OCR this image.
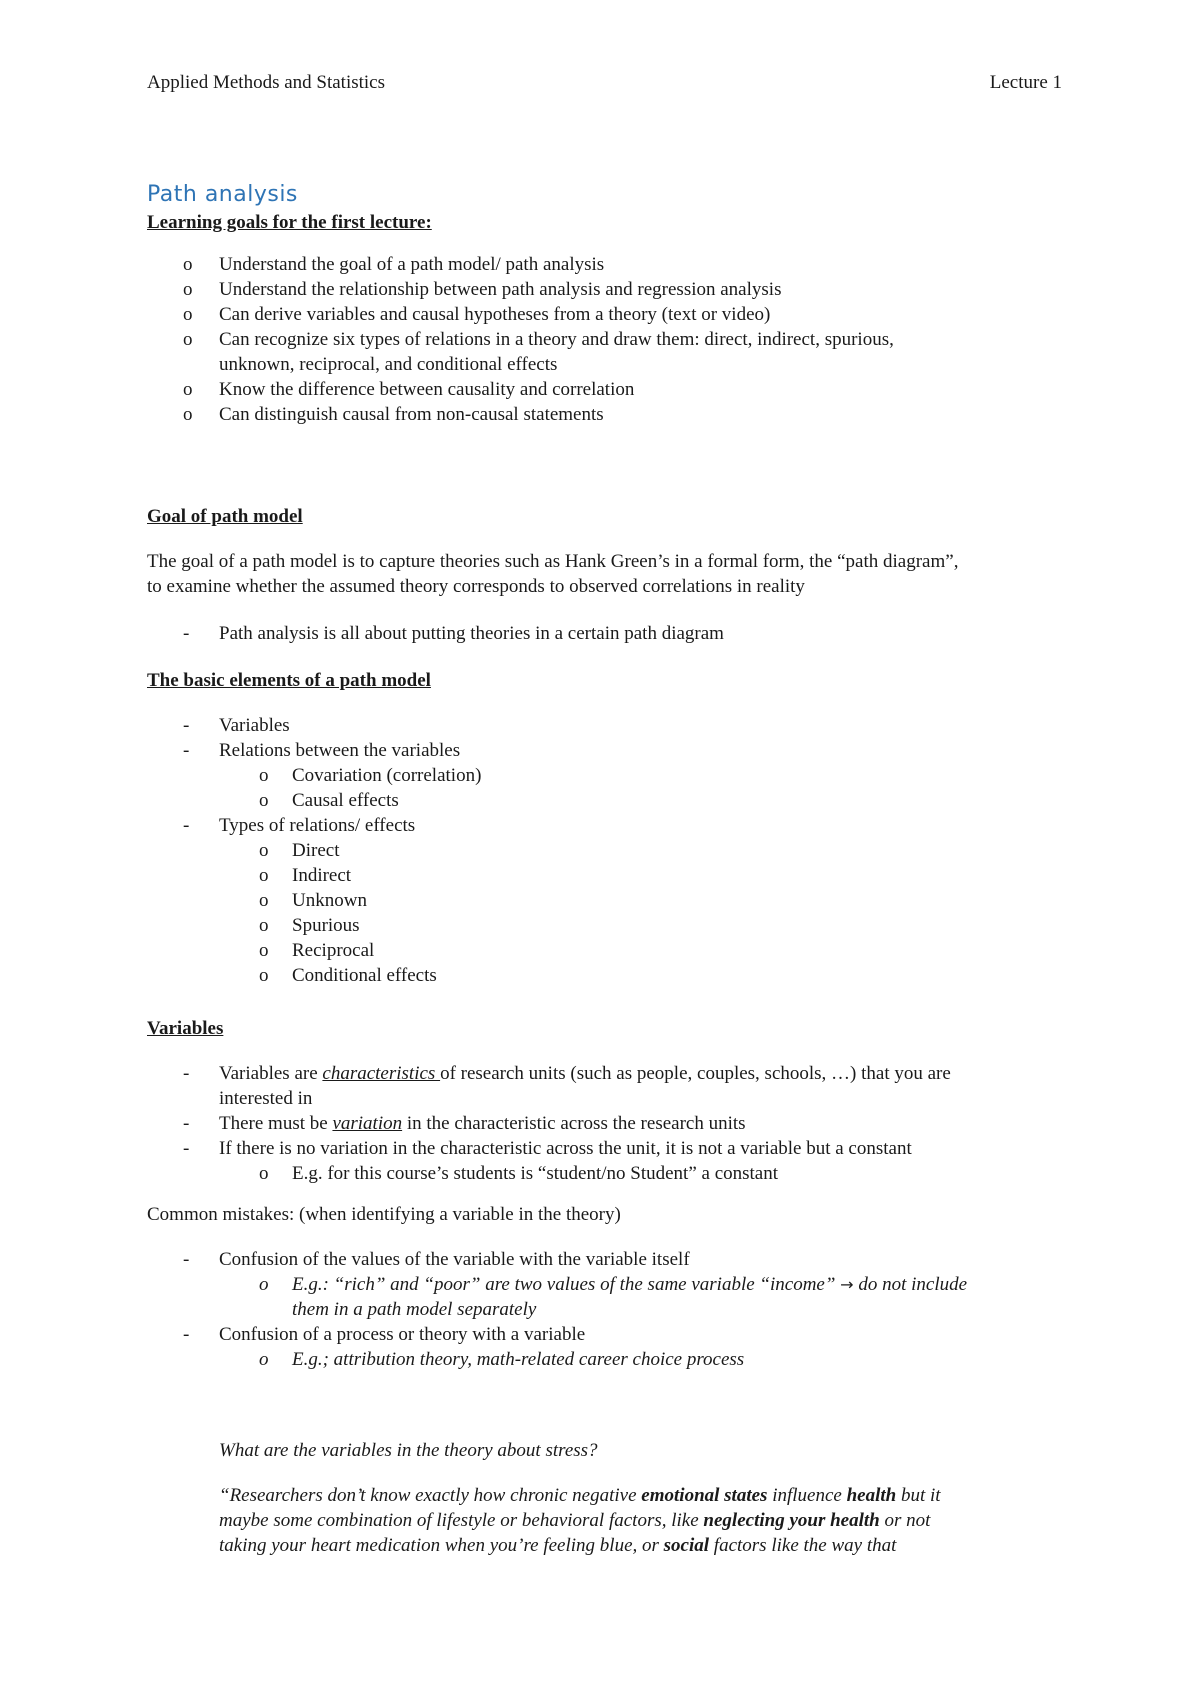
Applied Methods and Statistics	Lecture 1
Path analysis
Learning goals for the first lecture:
o Understand the goal of a path model/ path analysis
o Understand the relationship between path analysis and regression analysis
o Can derive variables and causal hypotheses from a theory (text or video)
o Can recognize six types of relations in a theory and draw them: direct, indirect, spurious,
unknown, reciprocal, and conditional effects
o Know the difference between causality and correlation
o Can distinguish causal from non-causal statements
Goal of path model
The goal of a path model is to capture theories such as Hank Green’s in a formal form, the “path diagram”,
to examine whether the assumed theory corresponds to observed correlations in reality
- Path analysis is all about putting theories in a certain path diagram
The basic elements of a path model
- Variables
- Relations between the variables
o Covariation (correlation)
o Causal effects
- Types of relations/ effects
o Direct
o Indirect
o Unknown
o Spurious
o Reciprocal
o Conditional effects
Variables
- Variables are characteristics of research units (such as people, couples, schools, …) that you are
interested in
- There must be variation in the characteristic across the research units
- If there is no variation in the characteristic across the unit, it is not a variable but a constant
o E.g. for this course’s students is “student/no Student” a constant
Common mistakes: (when identifying a variable in the theory)
- Confusion of the values of the variable with the variable itself
o E.g.: “rich” and “poor” are two values of the same variable “income” → do not include
them in a path model separately
- Confusion of a process or theory with a variable
o E.g.; attribution theory, math-related career choice process
What are the variables in the theory about stress?
“Researchers don’t know exactly how chronic negative emotional states influence health but it
maybe some combination of lifestyle or behavioral factors, like neglecting your health or not
taking your heart medication when you’re feeling blue, or social factors like the way that
